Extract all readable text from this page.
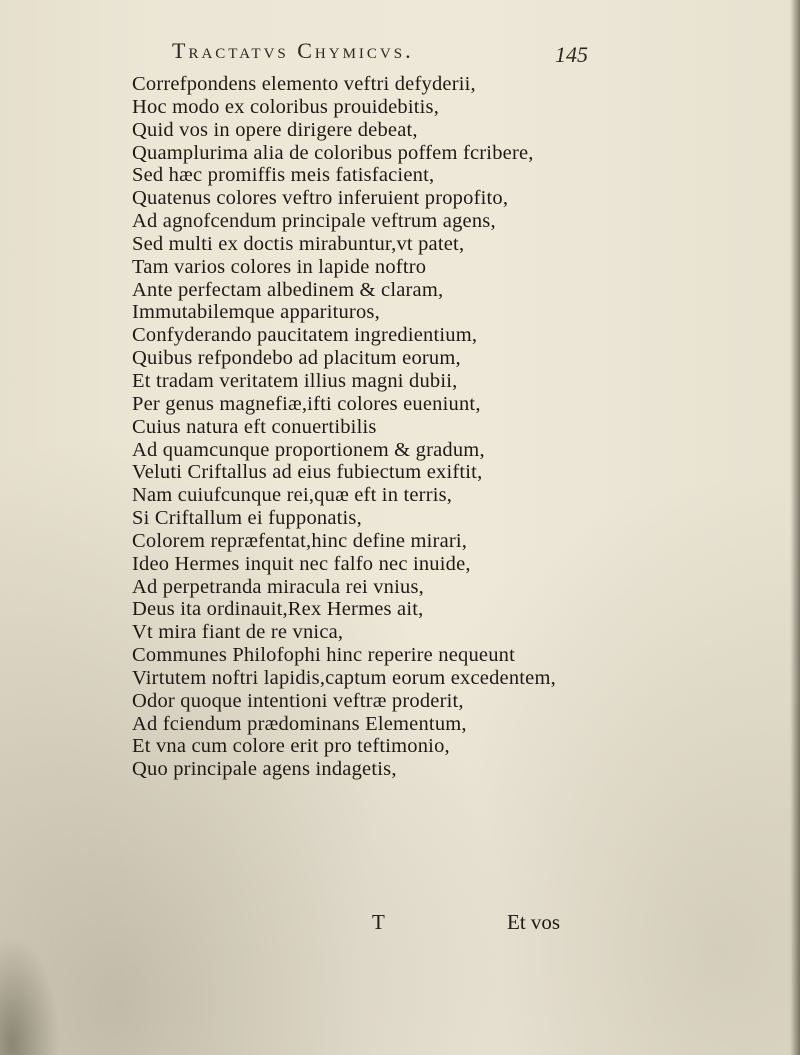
Tractatvs Chymicvs.	145
Correfpondens elemento veftri defyderii,
Hoc modo ex coloribus prouidebitis,
Quid vos in opere dirigere debeat,
Quamplurima alia de coloribus poffem fcribere,
Sed hæc promiffis meis fatisfacient,
Quatenus colores veftro inferuient propofito,
Ad agnofcendum principale veftrum agens,
Sed multi ex doctis mirabuntur,vt patet,
Tam varios colores in lapide noftro
Ante perfectam albedinem & claram,
Immutabilemque apparituros,
Confyderando paucitatem ingredientium,
Quibus refpondebo ad placitum eorum,
Et tradam veritatem illius magni dubii,
Per genus magnefiæ,ifti colores eueniunt,
Cuius natura eft conuertibilis
Ad quamcunque proportionem & gradum,
Veluti Criftallus ad eius fubiectum exiftit,
Nam cuiufcunque rei,quæ eft in terris,
Si Criftallum ei fupponatis,
Colorem repræfentat,hinc define mirari,
Ideo Hermes inquit nec falfo nec inuide,
Ad perpetranda miracula rei vnius,
Deus ita ordinauit,Rex Hermes ait,
Vt mira fiant de re vnica,
Communes Philofophi hinc reperire nequeunt
Virtutem noftri lapidis,captum eorum excedentem,
Odor quoque intentioni veftræ proderit,
Ad fciendum prædominans Elementum,
Et vna cum colore erit pro teftimonio,
Quo principale agens indagetis,
T	Et vos
